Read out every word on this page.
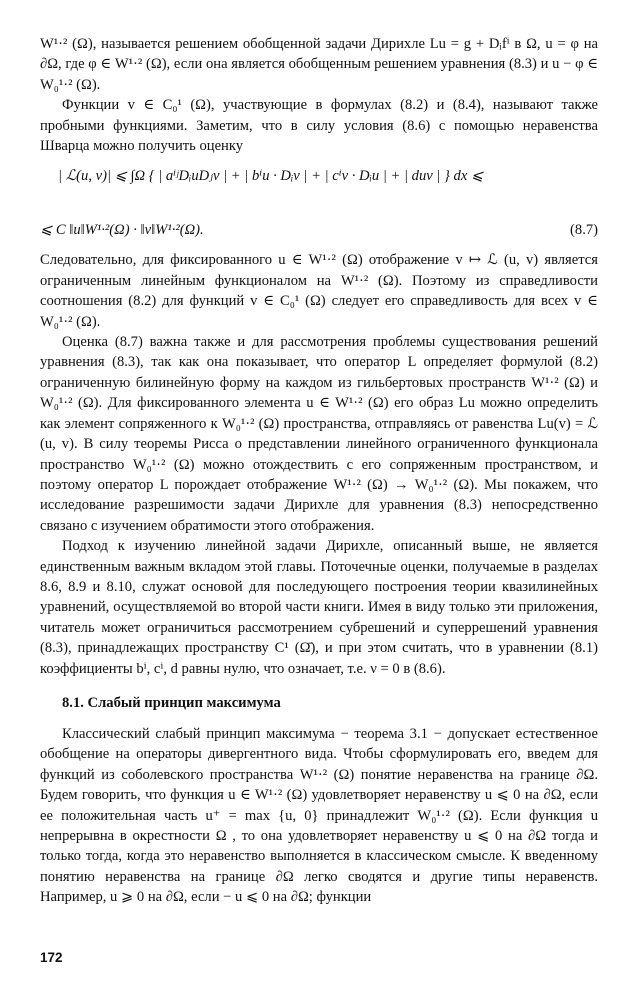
W¹·² (Ω), называется решением обобщенной задачи Дирихле Lu = g + Dᵢfⁱ в Ω, u = φ на ∂Ω, где φ ∈ W¹·² (Ω), если она является обобщенным решением уравнения (8.3) и u − φ ∈ W₀¹·² (Ω).

Функции v ∈ C₀¹ (Ω), участвующие в формулах (8.2) и (8.4), называют также пробными функциями. Заметим, что в силу условия (8.6) с помощью неравенства Шварца можно получить оценку

| ℒ(u, v)| ⩽ ∫Ω { | aⁱʲDᵢuDⱼv | + | bⁱu · Dᵢv | + | cⁱv · Dᵢu | + | duv | } dx ⩽
⩽ C ‖u‖W¹·²(Ω) · ‖v‖W¹·²(Ω).	(8.7)

Следовательно, для фиксированного u ∈ W¹·² (Ω) отображение v ↦ ℒ (u, v) является ограниченным линейным функционалом на W¹·² (Ω). Поэтому из справедливости соотношения (8.2) для функций v ∈ C₀¹ (Ω) следует его справедливость для всех v ∈ W₀¹·² (Ω).

Оценка (8.7) важна также и для рассмотрения проблемы существования решений уравнения (8.3), так как она показывает, что оператор L определяет формулой (8.2) ограниченную билинейную форму на каждом из гильбертовых пространств W¹·² (Ω) и W₀¹·² (Ω). Для фиксированного элемента u ∈ W¹·² (Ω) его образ Lu можно определить как элемент сопряженного к W₀¹·² (Ω) пространства, отправляясь от равенства Lu(v) = ℒ (u, v). В силу теоремы Рисса о представлении линейного ограниченного функционала пространство W₀¹·² (Ω) можно отождествить с его сопряженным пространством, и поэтому оператор L порождает отображение W¹·² (Ω) → W₀¹·² (Ω). Мы покажем, что исследование разрешимости задачи Дирихле для уравнения (8.3) непосредственно связано с изучением обратимости этого отображения.

Подход к изучению линейной задачи Дирихле, описанный выше, не является единственным важным вкладом этой главы. Поточечные оценки, получаемые в разделах 8.6, 8.9 и 8.10, служат основой для последующего построения теории квазилинейных уравнений, осуществляемой во второй части книги. Имея в виду только эти приложения, читатель может ограничиться рассмотрением субрешений и суперрешений уравнения (8.3), принадлежащих пространству C¹ (Ω̄), и при этом считать, что в уравнении (8.1) коэффициенты bⁱ, cⁱ, d равны нулю, что означает, т.е. ν = 0 в (8.6).

8.1. Слабый принцип максимума

Классический слабый принцип максимума − теорема 3.1 − допускает естественное обобщение на операторы дивергентного вида. Чтобы сформулировать его, введем для функций из соболевского пространства W¹·² (Ω) понятие неравенства на границе ∂Ω. Будем говорить, что функция u ∈ W¹·² (Ω) удовлетворяет неравенству u ⩽ 0 на ∂Ω, если ее положительная часть u⁺ = max {u, 0} принадлежит W₀¹·² (Ω). Если функция u непрерывна в окрестности Ω , то она удовлетворяет неравенству u ⩽ 0 на ∂Ω тогда и только тогда, когда это неравенство выполняется в классическом смысле. К введенному понятию неравенства на границе ∂Ω легко сводятся и другие типы неравенств. Например, u ⩾ 0 на ∂Ω, если − u ⩽ 0 на ∂Ω; функции

172
